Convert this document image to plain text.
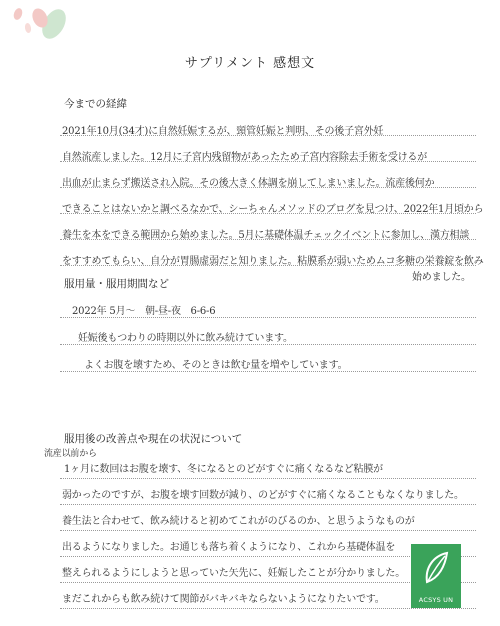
サプリメント 感想文
今までの経緯
2021年10月(34才)に自然妊娠するが、頸管妊娠と判明、その後子宮外妊
自然流産しました。12月に子宮内残留物があったため子宮内容除去手術を受けるが
出血が止まらず搬送され入院。その後大きく体調を崩してしまいました。流産後何か
できることはないかと調べるなかで、シーちゃんメソッドのブログを見つけ、2022年1月頃から
養生を本をできる範囲から始めました。5月に基礎体温チェックイベントに参加し、漢方相談
をすすめてもらい、自分が胃腸虚弱だと知りました。粘膜系が弱いためムコ多糖の栄養錠を飲み
始めました。
服用量・服用期間など
2022年 5月～　朝‐昼‐夜　6‐6‐6
妊娠後もつわりの時期以外に飲み続けています。
よくお腹を壊すため、そのときは飲む量を増やしています。
服用後の改善点や現在の状況について
流産以前から
1ヶ月に数回はお腹を壊す、冬になるとのどがすぐに痛くなるなど粘膜が
弱かったのですが、お腹を壊す回数が減り、のどがすぐに痛くなることもなくなりました。
養生法と合わせて、飲み続けると初めてこれがのびるのか、と思うようなものが
出るようになりました。お通じも落ち着くようになり、これから基礎体温を
整えられるようにしようと思っていた矢先に、妊娠したことが分かりました。
まだこれからも飲み続けて関節がバキバキならないようになりたいです。	ACSYS UN
